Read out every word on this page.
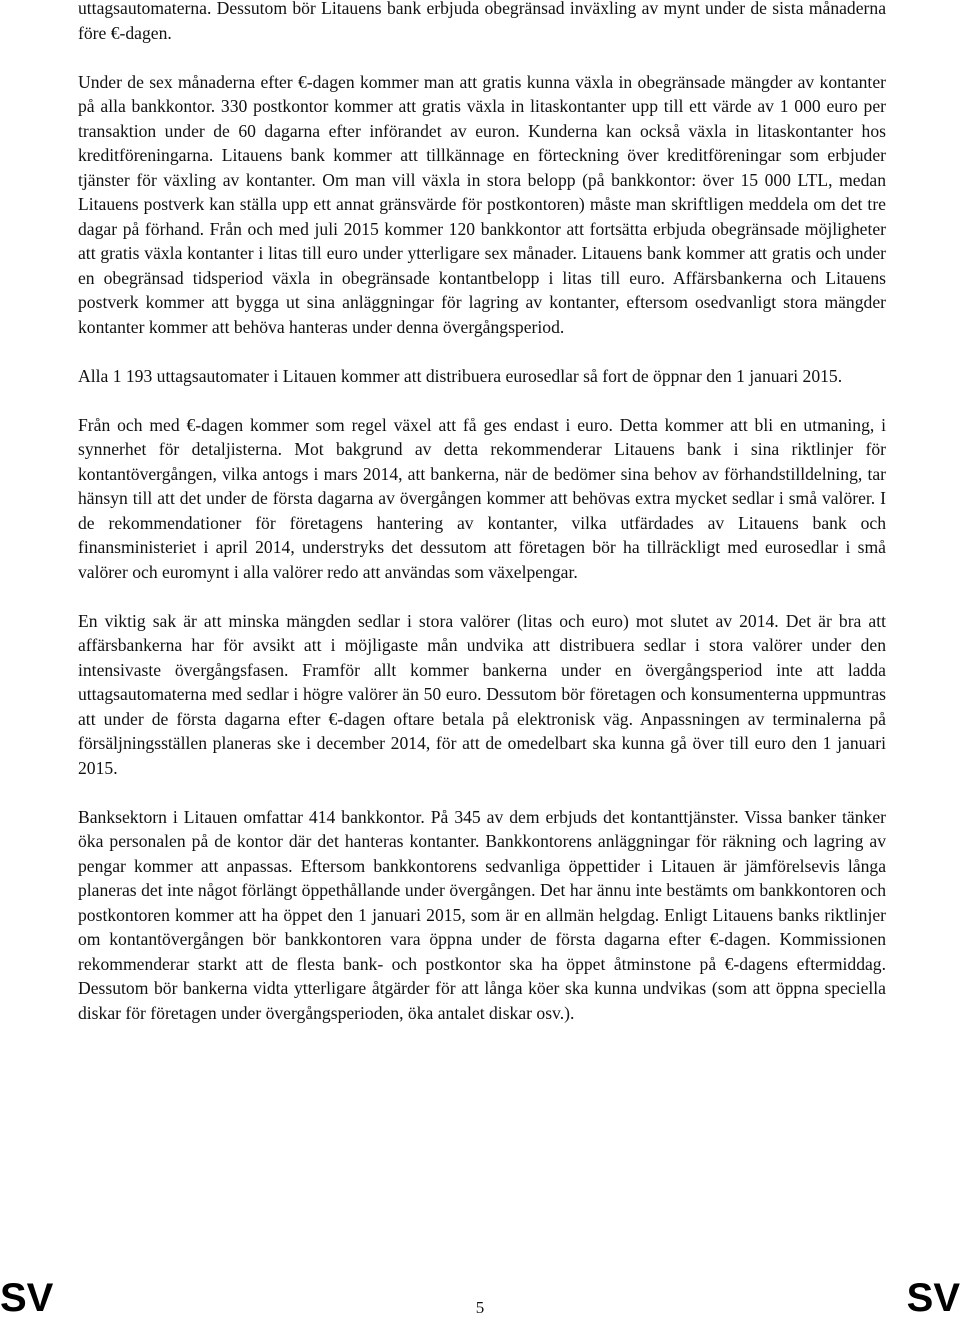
uttagsautomaterna. Dessutom bör Litauens bank erbjuda obegränsad inväxling av mynt under de sista månaderna före €-dagen.

Under de sex månaderna efter €-dagen kommer man att gratis kunna växla in obegränsade mängder av kontanter på alla bankkontor. 330 postkontor kommer att gratis växla in litaskontanter upp till ett värde av 1 000 euro per transaktion under de 60 dagarna efter införandet av euron. Kunderna kan också växla in litaskontanter hos kreditföreningarna. Litauens bank kommer att tillkännage en förteckning över kreditföreningar som erbjuder tjänster för växling av kontanter. Om man vill växla in stora belopp (på bankkontor: över 15 000 LTL, medan Litauens postverk kan ställa upp ett annat gränsvärde för postkontoren) måste man skriftligen meddela om det tre dagar på förhand. Från och med juli 2015 kommer 120 bankkontor att fortsätta erbjuda obegränsade möjligheter att gratis växla kontanter i litas till euro under ytterligare sex månader. Litauens bank kommer att gratis och under en obegränsad tidsperiod växla in obegränsade kontantbelopp i litas till euro. Affärsbankerna och Litauens postverk kommer att bygga ut sina anläggningar för lagring av kontanter, eftersom osedvanligt stora mängder kontanter kommer att behöva hanteras under denna övergångsperiod.

Alla 1 193 uttagsautomater i Litauen kommer att distribuera eurosedlar så fort de öppnar den 1 januari 2015.

Från och med €-dagen kommer som regel växel att få ges endast i euro. Detta kommer att bli en utmaning, i synnerhet för detaljisterna. Mot bakgrund av detta rekommenderar Litauens bank i sina riktlinjer för kontantövergången, vilka antogs i mars 2014, att bankerna, när de bedömer sina behov av förhandstilldelning, tar hänsyn till att det under de första dagarna av övergången kommer att behövas extra mycket sedlar i små valörer. I de rekommendationer för företagens hantering av kontanter, vilka utfärdades av Litauens bank och finansministeriet i april 2014, understryks det dessutom att företagen bör ha tillräckligt med eurosedlar i små valörer och euromynt i alla valörer redo att användas som växelpengar.

En viktig sak är att minska mängden sedlar i stora valörer (litas och euro) mot slutet av 2014. Det är bra att affärsbankerna har för avsikt att i möjligaste mån undvika att distribuera sedlar i stora valörer under den intensivaste övergångsfasen. Framför allt kommer bankerna under en övergångsperiod inte att ladda uttagsautomaterna med sedlar i högre valörer än 50 euro. Dessutom bör företagen och konsumenterna uppmuntras att under de första dagarna efter €-dagen oftare betala på elektronisk väg. Anpassningen av terminalerna på försäljningsställen planeras ske i december 2014, för att de omedelbart ska kunna gå över till euro den 1 januari 2015.

Banksektorn i Litauen omfattar 414 bankkontor. På 345 av dem erbjuds det kontanttjänster. Vissa banker tänker öka personalen på de kontor där det hanteras kontanter. Bankkontorens anläggningar för räkning och lagring av pengar kommer att anpassas. Eftersom bankkontorens sedvanliga öppettider i Litauen är jämförelsevis långa planeras det inte något förlängt öppethållande under övergången. Det har ännu inte bestämts om bankkontoren och postkontoren kommer att ha öppet den 1 januari 2015, som är en allmän helgdag. Enligt Litauens banks riktlinjer om kontantövergången bör bankkontoren vara öppna under de första dagarna efter €-dagen. Kommissionen rekommenderar starkt att de flesta bank- och postkontor ska ha öppet åtminstone på €-dagens eftermiddag. Dessutom bör bankerna vidta ytterligare åtgärder för att långa köer ska kunna undvikas (som att öppna speciella diskar för företagen under övergångsperioden, öka antalet diskar osv.).

SV	5	SV
